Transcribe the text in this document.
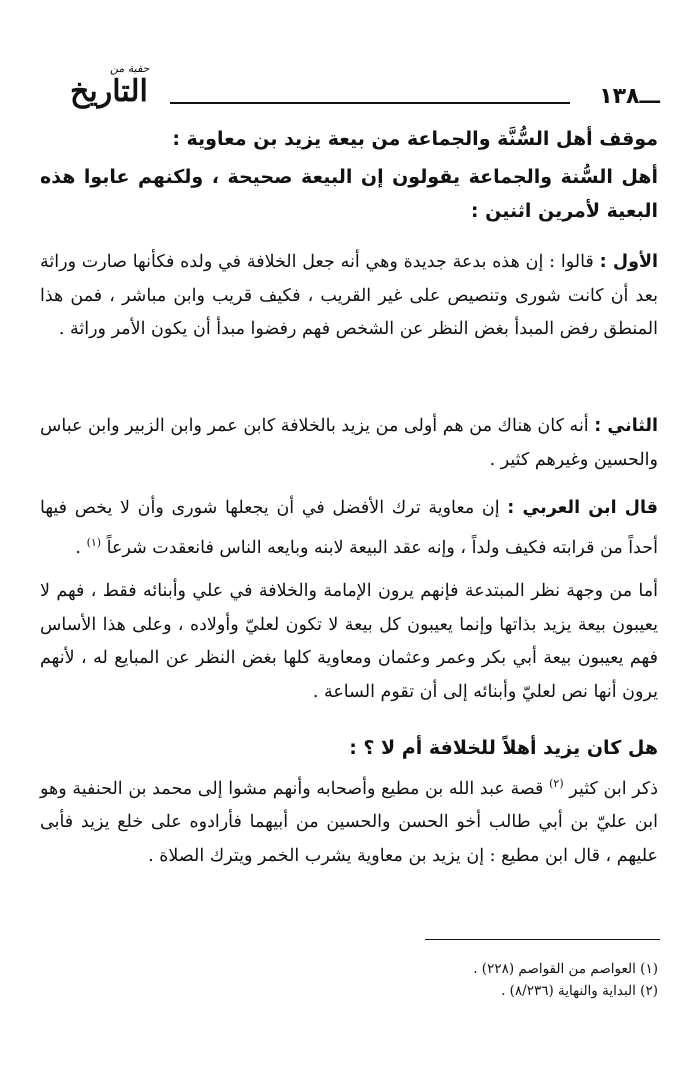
ـــ١٣٨
حقبة من
التاريخ
موقف أهل السُّنَّة والجماعة من بيعة يزيد بن معاوية :
أهل السُّنة والجماعة يقولون إن البيعة صحيحة ، ولكنهم عابوا هذه البعية لأمرين اثنين :
الأول : قالوا : إن هذه بدعة جديدة وهي أنه جعل الخلافة في ولده فكأنها صارت وراثة بعد أن كانت شورى وتنصيص على غير القريب ، فكيف قريب وابن مباشر ، فمن هذا المنطق رفض المبدأ بغض النظر عن الشخص فهم رفضوا مبدأ أن يكون الأمر وراثة .
الثاني : أنه كان هناك من هم أولى من يزيد بالخلافة كابن عمر وابن الزبير وابن عباس والحسين وغيرهم كثير .
قال ابن العربي : إن معاوية ترك الأفضل في أن يجعلها شورى وأن لا يخص فيها أحداً من قرابته فكيف ولداً ، وإنه عقد البيعة لابنه وبايعه الناس فانعقدت شرعاً $^{(١)}$ .
أما من وجهة نظر المبتدعة فإنهم يرون الإمامة والخلافة في علي وأبنائه فقط ، فهم لا يعيبون بيعة يزيد بذاتها وإنما يعيبون كل بيعة لا تكون لعليّ وأولاده ، وعلى هذا الأساس فهم يعيبون بيعة أبي بكر وعمر وعثمان ومعاوية كلها بغض النظر عن المبايع له ، لأنهم يرون أنها نص لعليّ وأبنائه إلى أن تقوم الساعة .
هل كان يزيد أهلاً للخلافة أم لا ؟ :
ذكر ابن كثير $^{(٢)}$ قصة عبد الله بن مطيع وأصحابه وأنهم مشوا إلى محمد بن الحنفية وهو ابن عليّ بن أبي طالب أخو الحسن والحسين من أبيهما فأرادوه على خلع يزيد فأبى عليهم ، قال ابن مطيع : إن يزيد بن معاوية يشرب الخمر ويترك الصلاة .
(١) العواصم من القواصم (٢٢٨) .
(٢) البداية والنهاية (٨/٢٣٦) .
